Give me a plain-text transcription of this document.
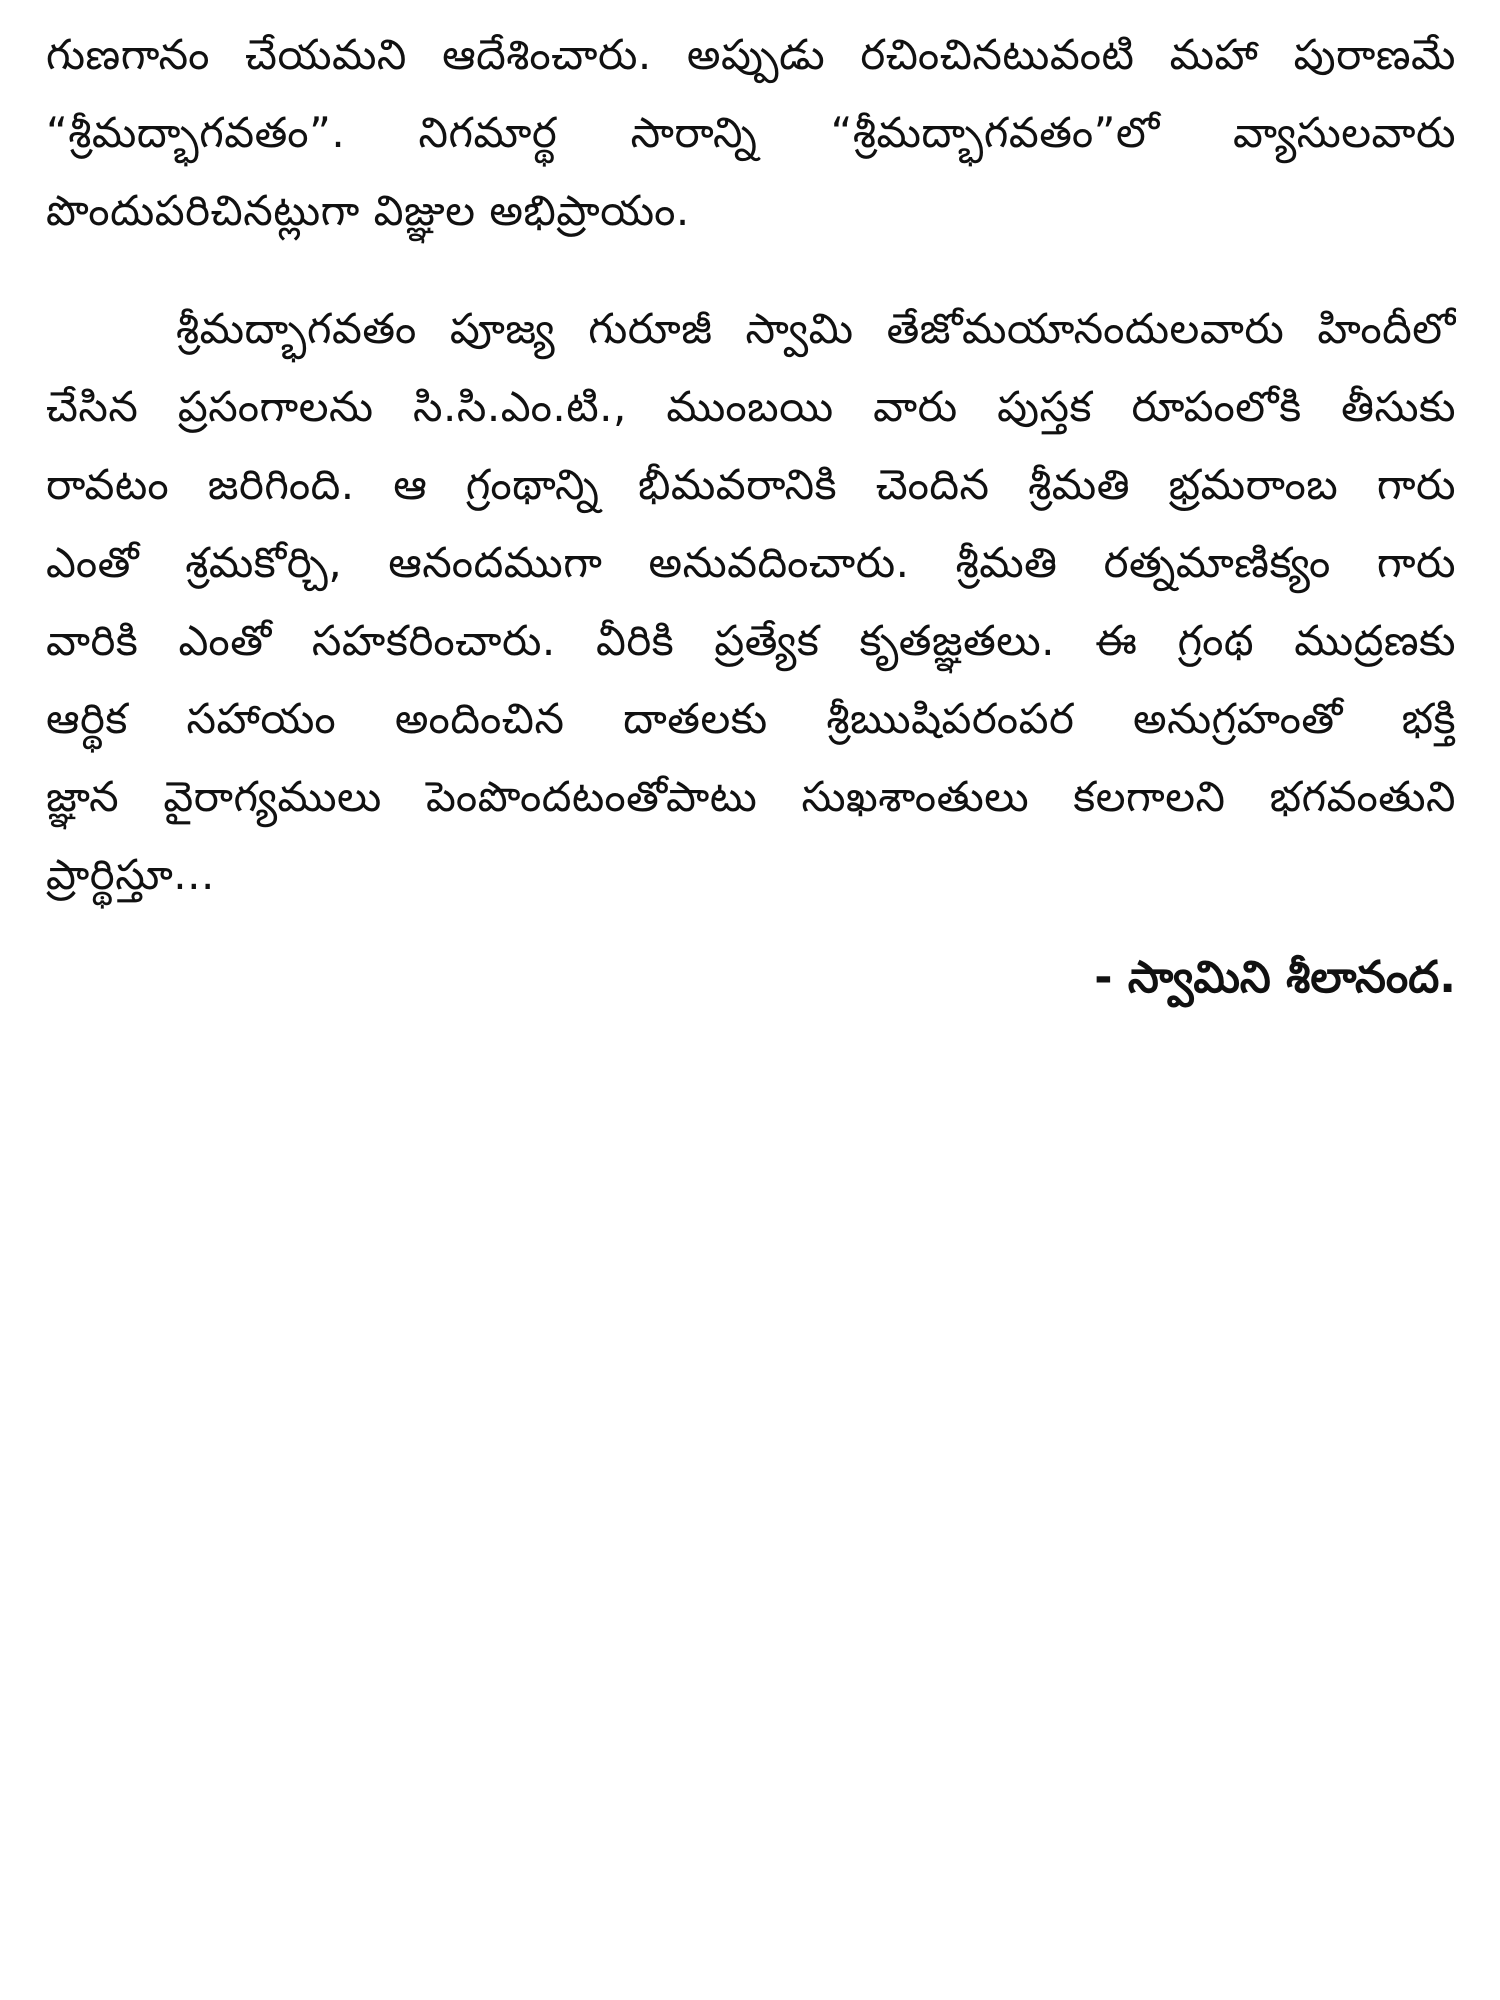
గుణగానం చేయమని ఆదేశించారు. అప్పుడు రచించినటువంటి మహా పురాణమే
“శ్రీమద్భాగవతం”. నిగమార్థ సారాన్ని “శ్రీమద్భాగవతం”లో వ్యాసులవారు
పొందుపరిచినట్లుగా విజ్ఞుల అభిప్రాయం.
శ్రీమద్భాగవతం పూజ్య గురూజీ స్వామి తేజోమయానందులవారు హిందీలో
చేసిన ప్రసంగాలను సి.సి.ఎం.టి., ముంబయి వారు పుస్తక రూపంలోకి తీసుకు
రావటం జరిగింది. ఆ గ్రంథాన్ని భీమవరానికి చెందిన శ్రీమతి భ్రమరాంబ గారు
ఎంతో శ్రమకోర్చి, ఆనందముగా అనువదించారు. శ్రీమతి రత్నమాణిక్యం గారు
వారికి ఎంతో సహకరించారు. వీరికి ప్రత్యేక కృతజ్ఞతలు. ఈ గ్రంథ ముద్రణకు
ఆర్థిక సహాయం అందించిన దాతలకు శ్రీఋషిపరంపర అనుగ్రహంతో భక్తి
జ్ఞాన వైరాగ్యములు పెంపొందటంతోపాటు సుఖశాంతులు కలగాలని భగవంతుని
ప్రార్థిస్తూ...
- స్వామిని శీలానంద.
